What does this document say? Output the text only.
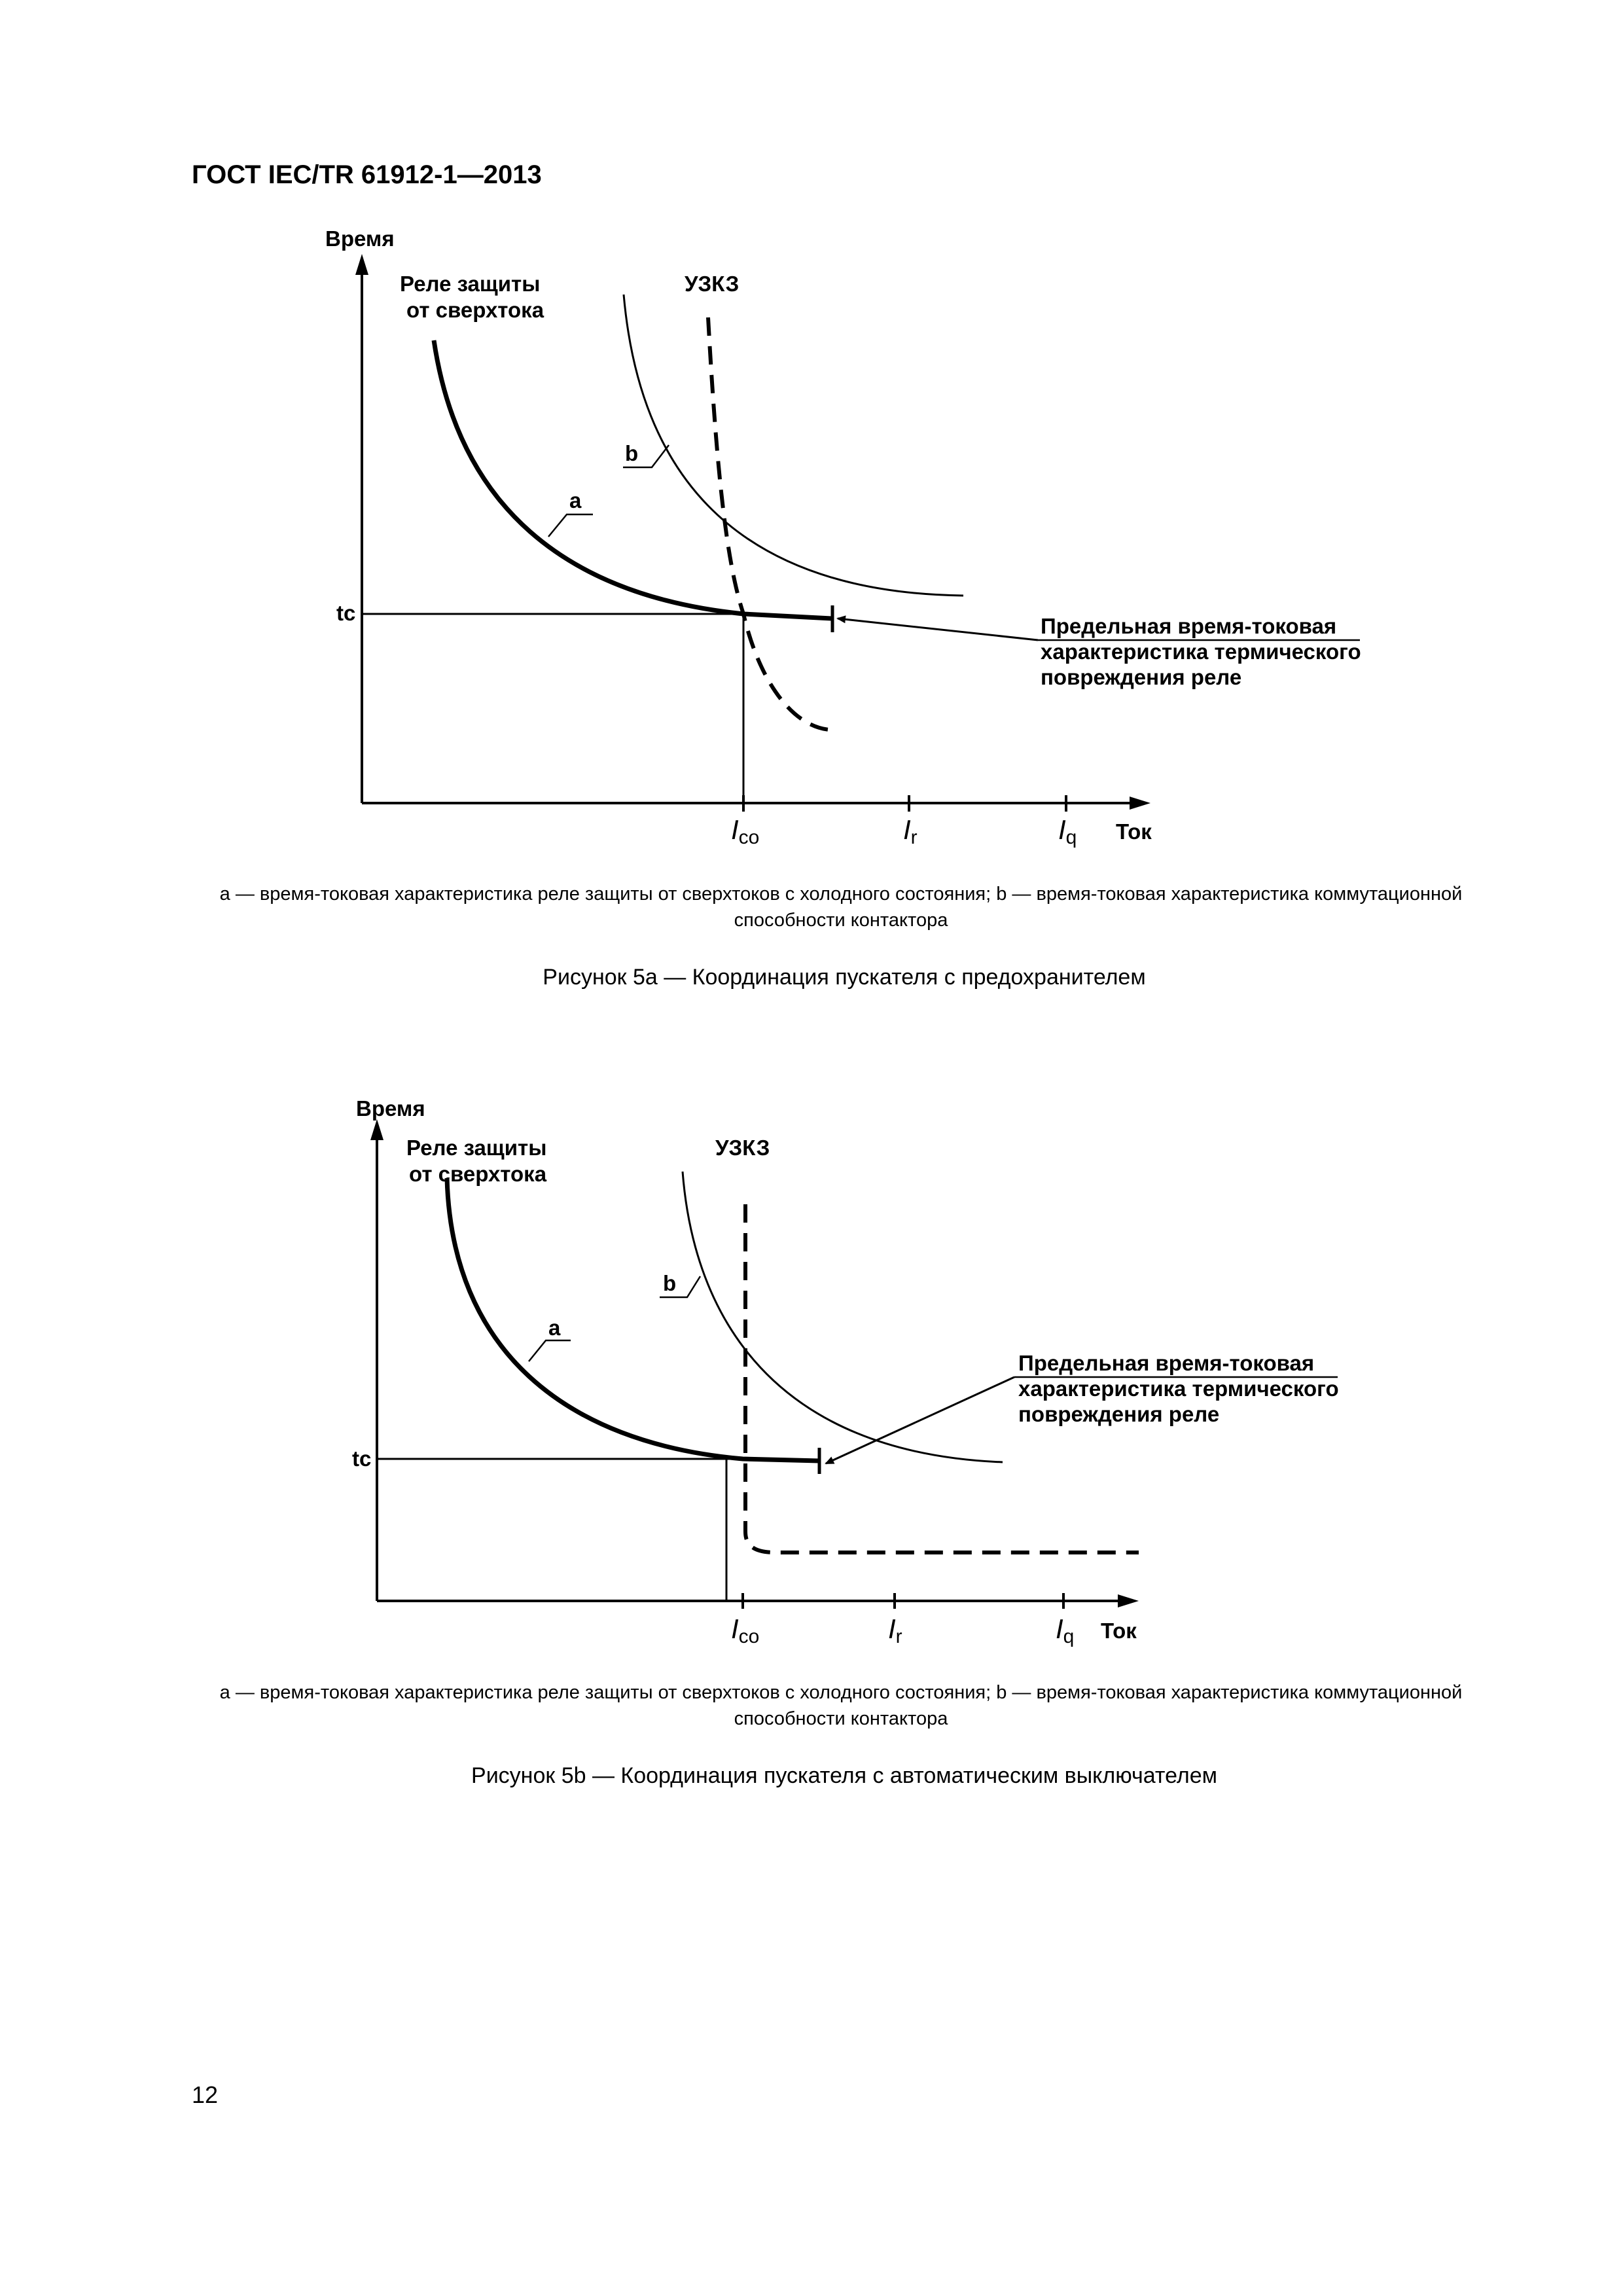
ГОСТ IEC/TR 61912-1—2013
Время
Ток
Реле защиты
от сверхтока
УЗКЗ
tc
a
b
Ico	Ir	Iq
Предельная время-токовая
характеристика термического
повреждения реле
a — время-токовая характеристика реле защиты от сверхтоков с холодного состояния; b — время-токовая характеристика коммутационной способности контактора
Рисунок 5a — Координация пускателя с предохранителем
Время
Ток
Реле защиты
от сверхтока
УЗКЗ
tc
a
b
Ico	Ir	Iq
Предельная время-токовая
характеристика термического
повреждения реле
a — время-токовая характеристика реле защиты от сверхтоков с холодного состояния; b — время-токовая характеристика коммутационной способности контактора
Рисунок 5b — Координация пускателя с автоматическим выключателем
12
